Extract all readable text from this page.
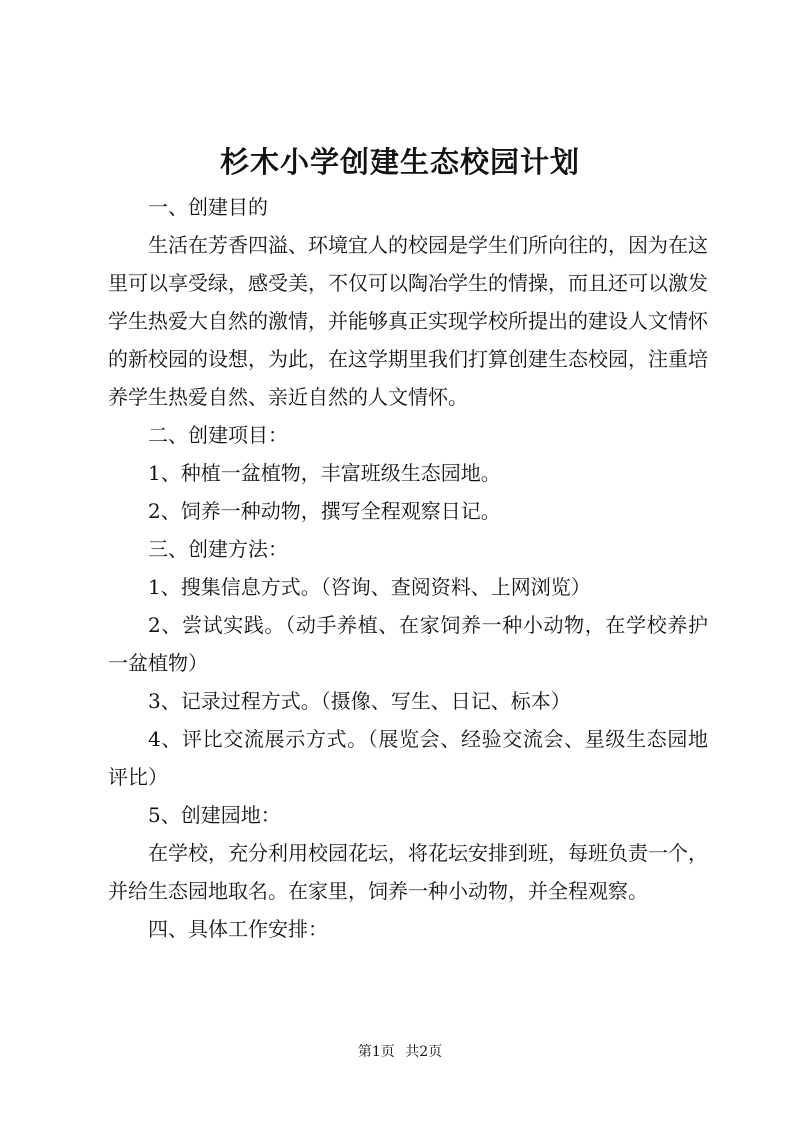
杉木小学创建生态校园计划

一、创建目的

生活在芳香四溢、环境宜人的校园是学生们所向往的，因为在这里可以享受绿，感受美，不仅可以陶冶学生的情操，而且还可以激发学生热爱大自然的激情，并能够真正实现学校所提出的建设人文情怀的新校园的设想，为此，在这学期里我们打算创建生态校园，注重培养学生热爱自然、亲近自然的人文情怀。

二、创建项目：

1、种植一盆植物，丰富班级生态园地。

2、饲养一种动物，撰写全程观察日记。

三、创建方法：

1、搜集信息方式。（咨询、查阅资料、上网浏览）

2、尝试实践。（动手养植、在家饲养一种小动物，在学校养护一盆植物）

3、记录过程方式。（摄像、写生、日记、标本）

4、评比交流展示方式。（展览会、经验交流会、星级生态园地评比）

5、创建园地：

在学校，充分利用校园花坛，将花坛安排到班，每班负责一个，并给生态园地取名。在家里，饲养一种小动物，并全程观察。

四、具体工作安排：

第1页 共2页
